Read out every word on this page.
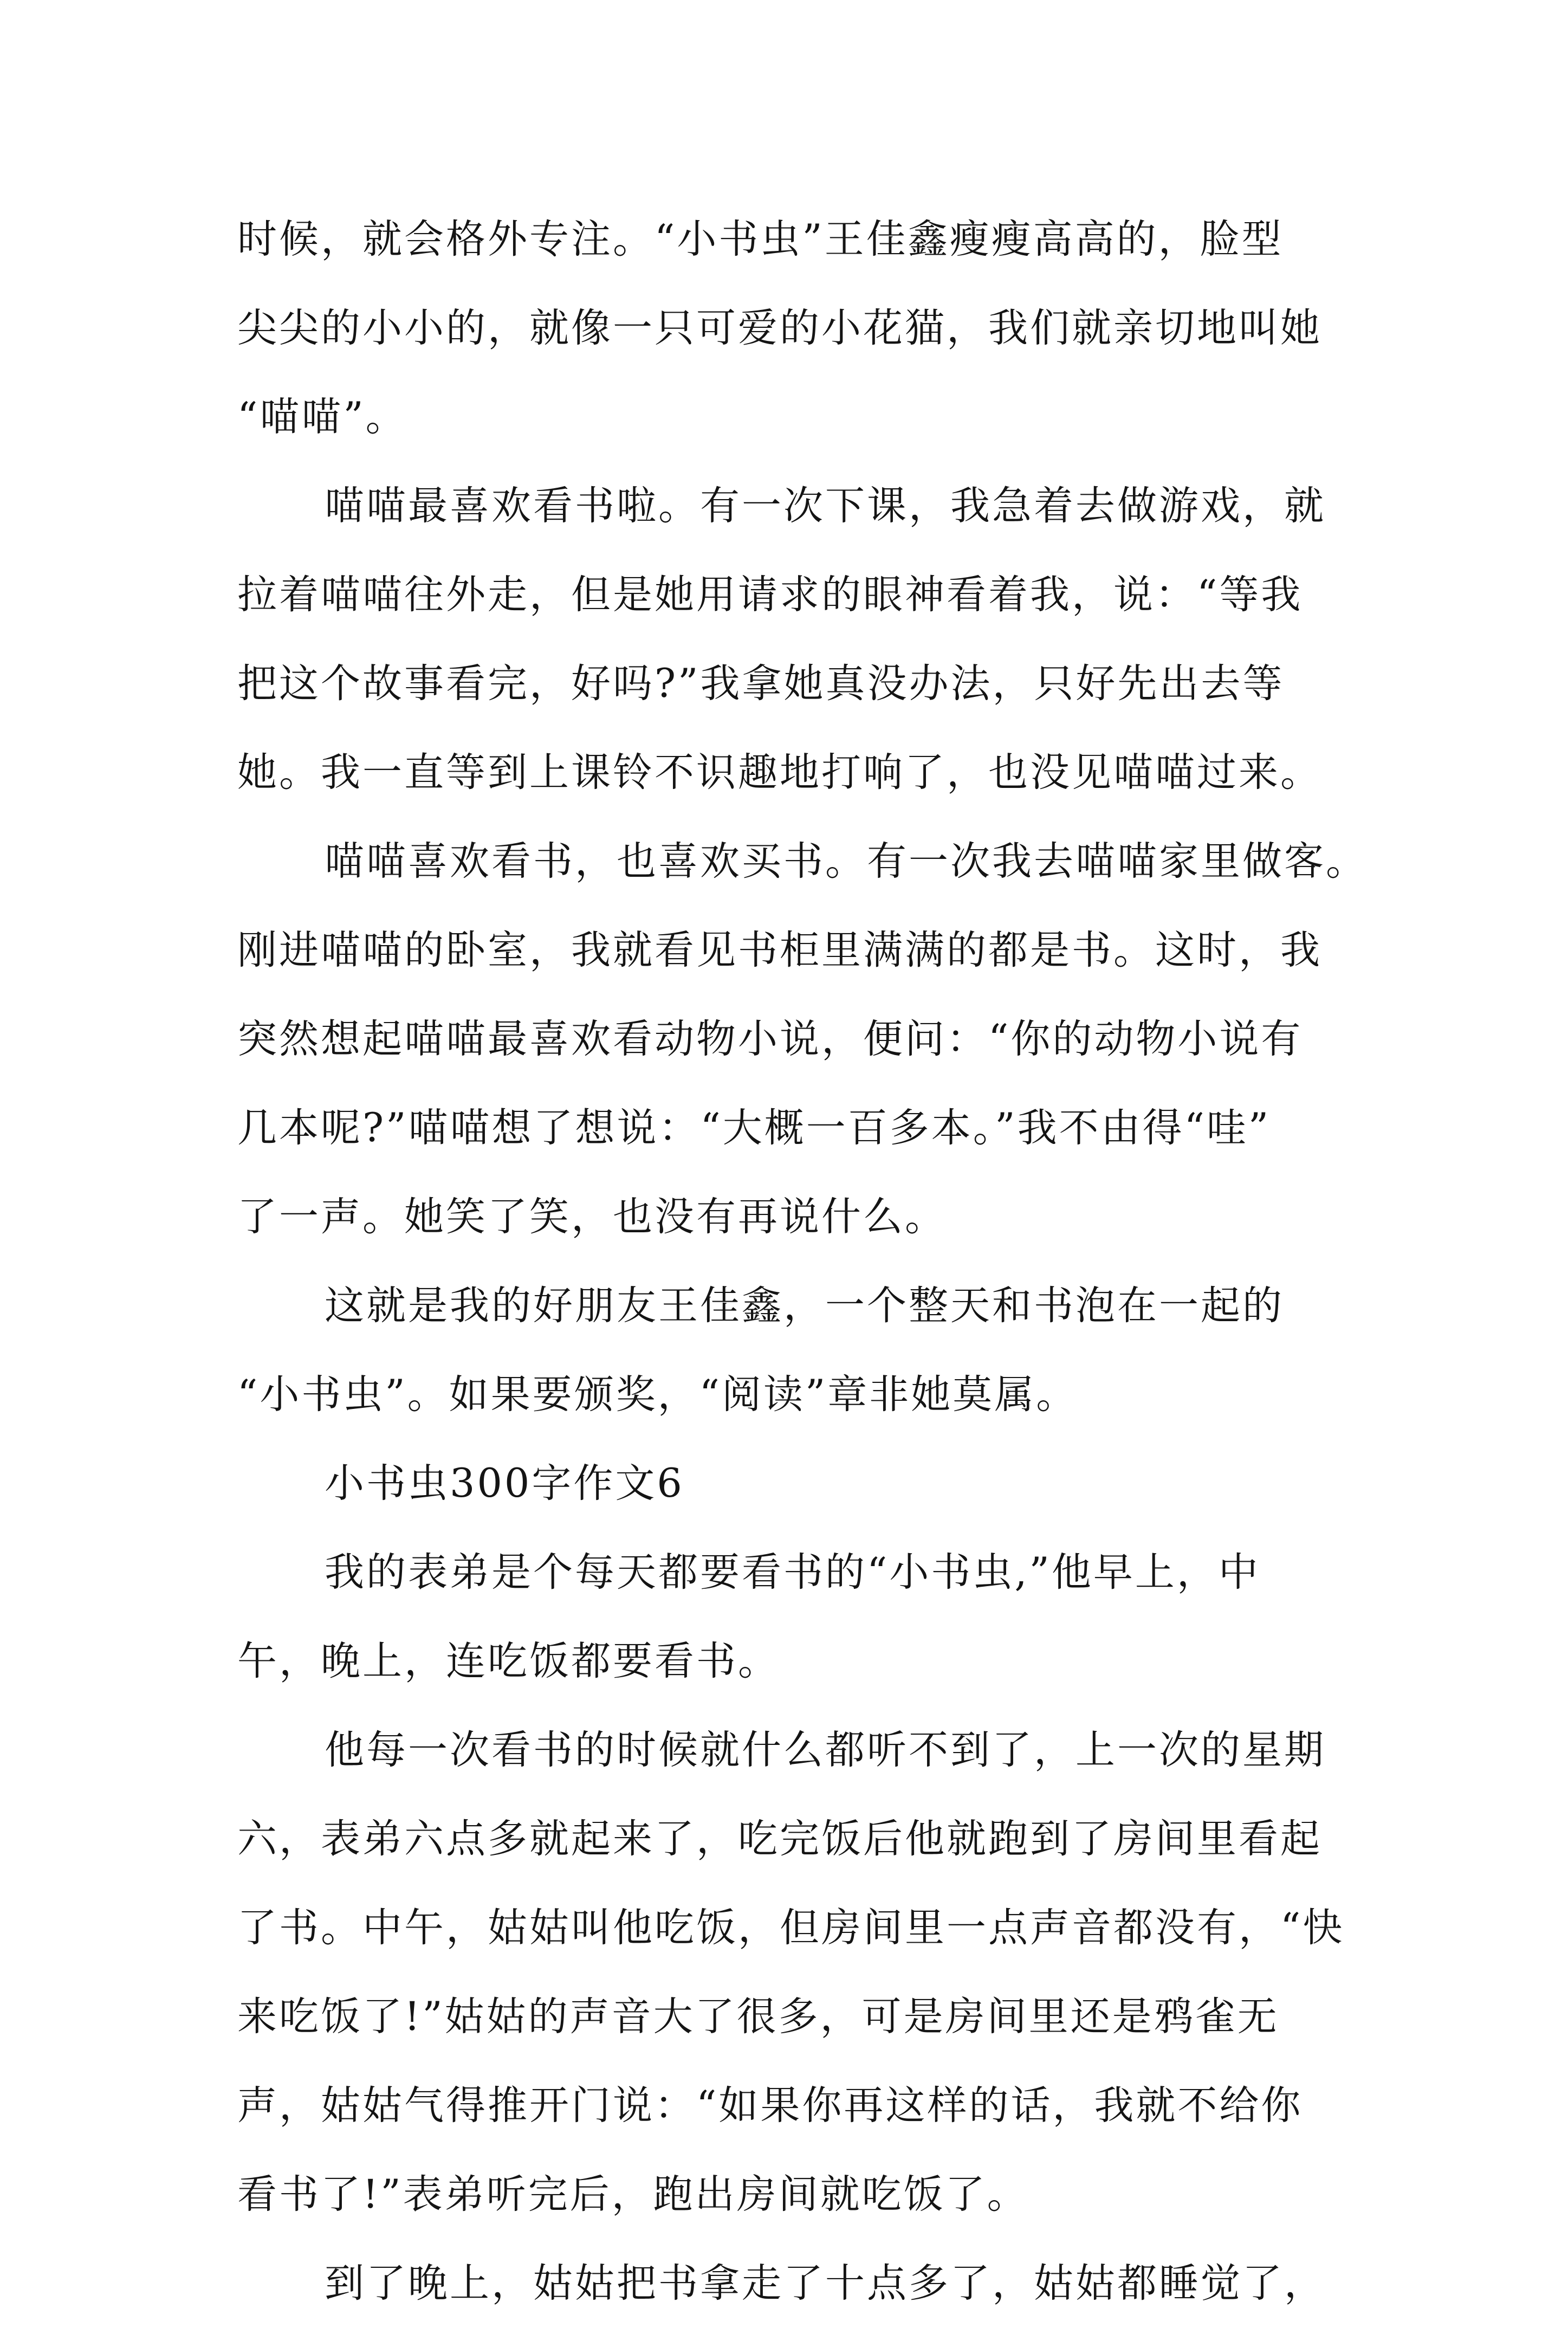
时候，就会格外专注。“小书虫”王佳鑫瘦瘦高高的，脸型
尖尖的小小的，就像一只可爱的小花猫，我们就亲切地叫她
“喵喵”。
喵喵最喜欢看书啦。有一次下课，我急着去做游戏，就
拉着喵喵往外走，但是她用请求的眼神看着我，说：“等我
把这个故事看完，好吗?”我拿她真没办法，只好先出去等
她。我一直等到上课铃不识趣地打响了，也没见喵喵过来。
喵喵喜欢看书，也喜欢买书。有一次我去喵喵家里做客。
刚进喵喵的卧室，我就看见书柜里满满的都是书。这时，我
突然想起喵喵最喜欢看动物小说，便问：“你的动物小说有
几本呢?”喵喵想了想说：“大概一百多本。”我不由得“哇”
了一声。她笑了笑，也没有再说什么。
这就是我的好朋友王佳鑫，一个整天和书泡在一起的
“小书虫”。如果要颁奖，“阅读”章非她莫属。
小书虫300字作文6
我的表弟是个每天都要看书的“小书虫,”他早上，中
午，晚上，连吃饭都要看书。
他每一次看书的时候就什么都听不到了，上一次的星期
六，表弟六点多就起来了，吃完饭后他就跑到了房间里看起
了书。中午，姑姑叫他吃饭，但房间里一点声音都没有，“快
来吃饭了!”姑姑的声音大了很多，可是房间里还是鸦雀无
声，姑姑气得推开门说：“如果你再这样的话，我就不给你
看书了!”表弟听完后，跑出房间就吃饭了。
到了晚上，姑姑把书拿走了十点多了，姑姑都睡觉了，
